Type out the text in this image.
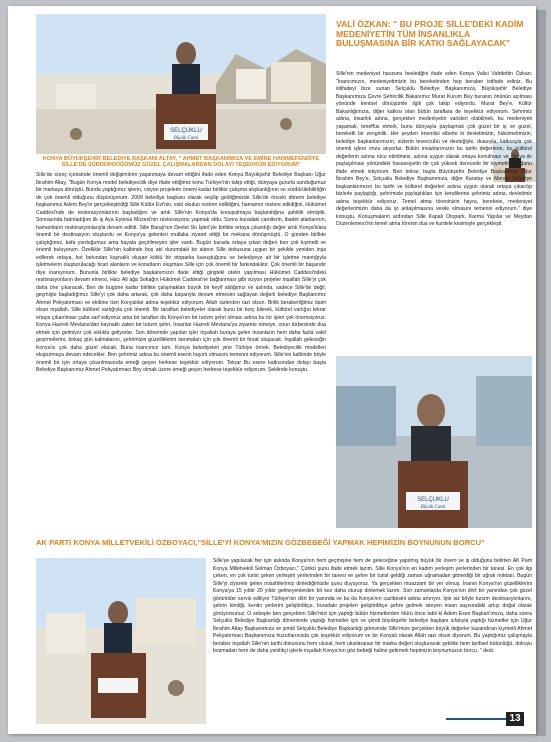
SELÇUKLU
Büyük Cami
VALİ ÖZKAN: " BU PROJE SİLLE'DEKİ KADİM MEDENİYETİN TÜM İNSANLIKLA BULUŞMASINA BİR KATKI SAĞLAYACAK"
KONYA BÜYÜKŞEHİR BELEDİYE BAŞKANI ALTAY, " AHMET BAŞKANIMIZA VE EMİNE HANIMEFENDİYE SİLLE'DE SÜRDÜRDÜĞÜMÜZ GÜZEL ÇALIŞMALARDAN DOLAYI TEŞEKKÜR EDİYORUM"

Sille'de süreç içerisinde önemli değişimlerin yaşanmaya devam ettiğini ifade eden Konya Büyükşehir Belediye Başkanı Uğur İbrahim Altay, "Bugün Konya model belediyecilik diye ifade ettiğimiz konu Türkiye'nin takip ettiği, dünyaya gururla sunduğumuz bir markaya dönüştü. Bunda yaptığımız işlerin, vizyon projelerin önemi kadar birlikte çalışma alışkanlığının ve sürdürülebilirliğin de çok önemli olduğunu düşünüyorum. 2009 belediye başkanı olarak seçilip geldiğimizde Sille'de önceki dönem belediye başkanımız Adem Bey'in gerçekleştirdiği Sille Kültür Evi'nin, eski okulun restore edildiğini, hamamın restore edildiğini, Hükümet Caddesi'nde de restorasyonlarının başladığını ve artık Sille'nin Konya'da konuşulmaya başlandığına şahitlik etmiştik. Sonrasında hatırladığım ilk iş Aya Eylenia Müzesi'nin restorasyonu yapmak oldu. Sonra buradaki camilerin, ibadet alanlarının, hamamların restorasyonlarıyla devam edildi. Sille Barajı'nın Devlet Su İşleri'yle birlikte ortaya çıkardığı değer artık Konya'lılara önemli bir destinasyon oluşturdu ve Konya'ya gelenleri mutlaka ziyaret ettiği bir mekana dönüşmüştü. O günden birlikte çalıştığımız, kafa yorduğumuz ama hayata geçirilmeyen işler vardı. Bugün burada ortaya çıkan değeri ben çok kıymetli ve önemli buluyorum. Özellikle Sille'nin kalbinde boş atıl durumdaki bir alanın Sille dokusuna uygun bir şekilde yeniden inşa edilerek ortaya, kot farkından kaynaklı oluşan köklü bir otoparka kavuştuğunu ve belediyeye ait bir işletme mantığıyla işletmelerin oluşturulacağı ticari alanların ve konutların oluşması Sille için çok önemli bir farkındalıktır. Çok önemli bir başarıdır diye inanıyorum. Bununla birlikte belediye başkanımızın ifade ettiği girişteki otelin yapılması Hükümet Caddesi'ndeki restorasyonların devam etmesi, Hacı Ali ağa Sokağın Hükümet Caddesi'ne bağlanması gibi vizyon projeler inşallah Sille'yi çok daha öne çıkaracak. Ben de bugüne kadar birlikte çalışmaktan büyük bir keyif aldığımız ve aslında, sadece Sille'de değil, geçmişte başladığımız Sille'yi çok daha artarak, çok daha başarıyla devam etmesini sağlayan değerli belediye Başkanımız Ahmet Pekyatırmacı ve ekibine tüm Konyalılar adına teşekkür ediyorum. Allah sizlerden razı olsun. Birlik beraberliğimiz daim olsun inşallah. Sille kültürel varlığıyla çok önemli. Bir taraftan belediyeler olarak bunu bir borç bilerek, kültürel varlığın tekrar ortaya çıkarılması çaba sarf ediyoruz ama bir taraftan da Konya'nın bir turizm şehri olması adına bu tür işleri çok önemsiyoruz. Konya Hazreti Mevlana'dan kaynaklı zaten bir turizm şehri. İnsanlar Hazreti Mevlana'ya ziyarete etmeye, onun türbesinde dua etmek için gelmiyor çok sıklıkla geliyorlar. Son dönemde yapılan işler inşallah buraya gelen insanların hem daha fazla vakit geçirmelerini, birkaç gün kalmalarını, şehrimizin güzelliklerini tanımaları için çok önemli bir fırsat oluşacak. İnşallah geleceğin Konya'sı çok daha güzel olacak. Buna inancımız tam. Konya belediyeleri yine Türkiye örnek. Belediyecilik modelleri oluşturmaya devam edecekler. Ben şehrimiz adına bu önemli eserin hayırlı olmasını temenni ediyorum. Sille'nin kalbinde böyle önemli bir işin ortaya çıkarılmasında emeği geçen herkese teşekkür ediyorum. Tekrar Bu esere katkısından dolayı başta Belediye Başkanımız Ahmet Pekyatırmacı Bey olmak üzere emeği geçen herkese teşekkür ediyorum. Şeklinde konuştu.

Sille'nin medeniyet havzunu besledğini ifade eden Konya Valisi Vahdettin Özkan: "İnancımızın, medeniyetimizin bu bereketinden hep beraber istifade ediniz. Bu istifadeyi bize sunan Selçuklu Belediye Başkanımıza, Büyükşehir Belediye Başkanımıza Çevre Şehircilik Bakanımız Murat Kurum Bey buranın önünün açılması yönünde kentsel dönüşümle ilgili çok takip ediyordu. Murat Bey'e, Kültür Bakanlığımıza, diğer katkısı olan bütün taraflara de teşekkür ediyorum. Sehrimiz adına, insanlık adına, gerçekten medeniyetin varisleri olabilmek, bu medeniyeti yaşamak, teneffüs etmek, bunu dünyayla paylaşmak çok güzel bir iş ve güzel, bereketli bir zenginlik. Her şeyden önemlisi elbette ki devletimizin, hükümetimizin, belediye başkanlarımızın, sizlerin teveccühü ve desteğiyle, duasıyla, katkısıyla çok önemli işlere imza atıyorlar. Bütün insanlarımızın bu tarihi değerlerin, bu kültürel değerlerin aslına rücu ettirilmesi, aslına uygun olarak ortaya konulması ve dünya ile paylaşılması yönündeki hassasiyetin de çok yüksek derecede bir kıymetli olduğunu ifade etmek istiyorum. Ben tekrar, başta Büyükşehir Belediye Başkanımız Uğur İbrahim Bey'e, Selçuklu Belediye Başkanımıza, diğer Karatay ve Meram belediye başkanlarımızın bu tarihi ve kültürel değerleri aslına uygun olarak ortaya çıkarılıp bizlerle paylaştığı, şehrimizle paylaştıkları için kendilerine şehrimiz adına, devletimiz adına teşekkür ediyoruz. Temel atma töreninizin hayra, berekete, medeniyet değerlerimizin daha da iyi anlaşılmasına vesile olmasını temenni ediyorum." diye konuştu. Konuşmaların ardından Sille Kapalı Otopark, Karma Yapılar ve Meydan Düzenlemesi'nin temel atma törenin dua ve kurdele kesimiyle gerçekleşti.

SELÇUKLU
Büyük Cami
AK PARTİ KONYA MİLLETVEKİLİ ÖZBOYACI,"SİLLE'Yİ KONYA'MIZIN GÖZBEBEĞİ YAPMAK HEPİMİZİN BOYNUNUN BORCU"

Sille'ye yapılacak her işin aslında Konya'nın hem geçmişine hem de geleceğine yapılmış büyük bir önem ve iş olduğunu belirten AK Parti Konya Milletvekili Selman Özboyacı," Çünkü şunu ifade etmek lazım. Sille Konya'nın en kadim yerleşim yerlerinden bir tanesi. En çok ilgi çeken, en çok turist çeken yerleşim yerlerinden bir tanesi ve şehre bir turist geldiği zaman uğramadan gitmediği bir uğrak noktası. Bugün Sille'yi ziyarete gelen misafirlerimiz dinlediğimizde şunu duyuyoruz. Ya gerçekten muazzam bir yer olmuş. İnanın Konya'nın güzelliklerini Konya'ya 15 yıldır 20 yıldır gelmeyenlerden bir kez daha oturup dinlemek lazım. Son zamanlarda Konya'nın dört bir yanından çok güzel görüntüler servis ediliyor Türkiye'nin dört bir yanında ve bu da Konya'nın cazibesini adeta artırıyor. İşte siz böyle turizm destinasyonlarını, şehrin kimliği, kentin yerlerini geliştirdikçe, buradaki projeleri geliştirdikçe şehre gelmek isteyen insan sayısındaki artışı doğal olarak görüyorsunuz. O sebeple ben gerçekten Sille'mizi için yaptığı bütün hizmetlerden ötürü önce tabii ki Adem Esen Başkan'ımıza, daha sonra Selçuklu Belediye Başkanlığı döneminde yaptığı hizmetler için ve şimdi büyükşehir belediye başkanı sıfatıyla yaptığı hizmetler için Uğur İbrahim Altay Başkanımıza ve şimdi Selçuklu Belediye Başkanlığı görevinde Sille'mize gerçekten büyük değerler kazandıran kıymetli Ahmet Pekyatırmacı Başkanımıza huzurlarınızda çok teşekkür ediyorum ve bir Konyalı olarak Allah razı olsun diyorum. Bu yaptığımız çalışmayla beraber inşallah Sille'nin tarihi dokusunu hem ulusal, hem uluslararası bir marka değeri oluşturacak şekilde hem tarihsel bütünlüğü, dokuyu bozmadan hem de daha yenilikçi işlerle inşallah Konya'nın göz bebeği haline getirmek hepimizin boynumuzun borcu. " dedi.

13
